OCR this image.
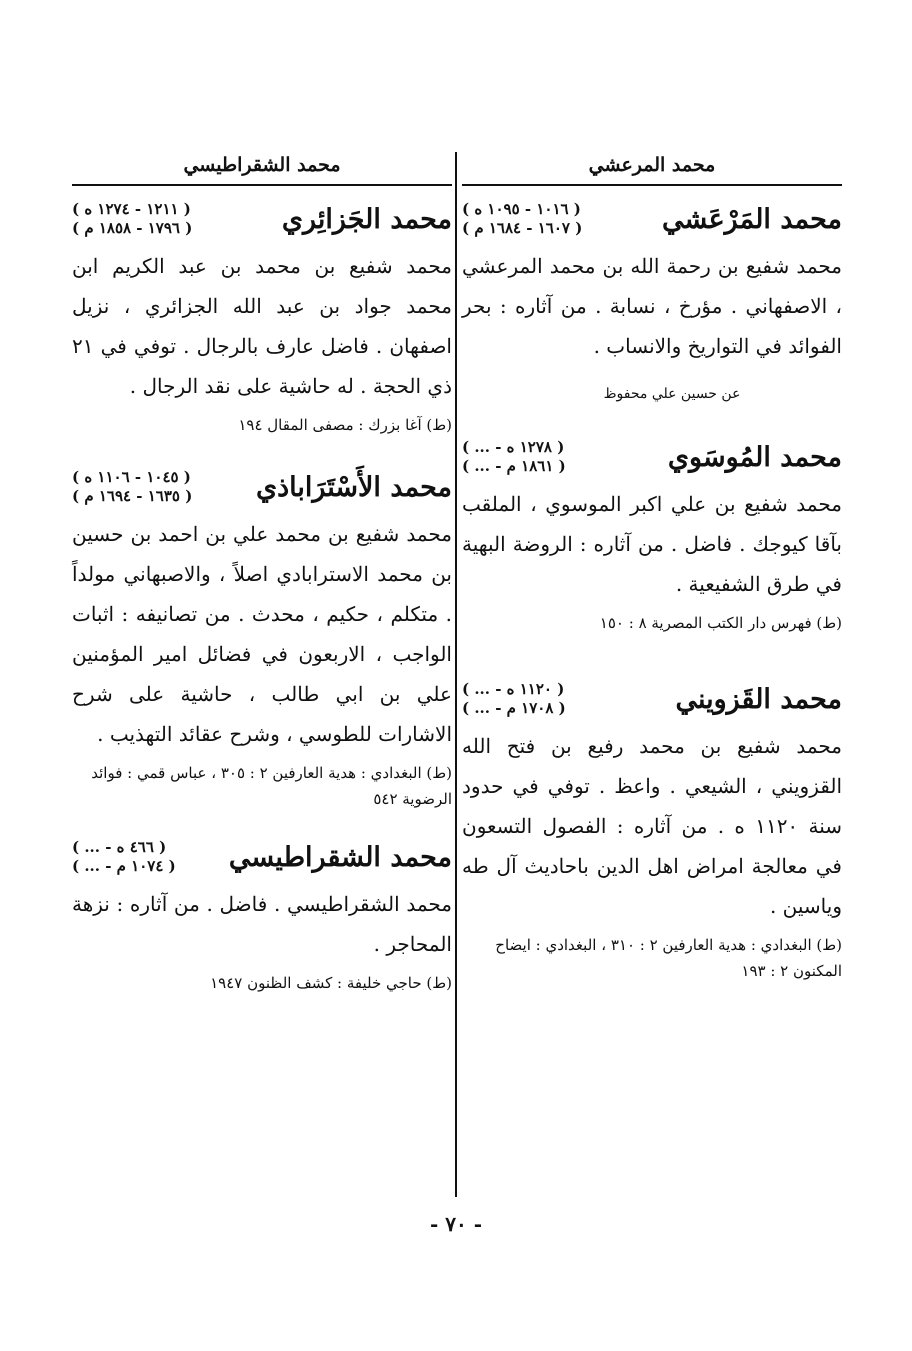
محمد المرعشي
محمد المَرْعَشي
( ١٠١٦ - ١٠٩٥ ه )
( ١٦٠٧ - ١٦٨٤ م )
محمد شفيع بن رحمة الله بن محمد المرعشي ، الاصفهاني . مؤرخ ، نسابة . من آثاره : بحر الفوائد في التواريخ والانساب .
عن حسين علي محفوظ
محمد المُوسَوي
( ... - ١٢٧٨ ه )
( ... - ١٨٦١ م )
محمد شفيع بن علي اكبر الموسوي ، الملقب بآقا كيوجك . فاضل . من آثاره : الروضة البهية في طرق الشفيعية .
(ط) فهرس دار الكتب المصرية ٨ : ١٥٠
محمد القَزويني
( ... - ١١٢٠ ه )
( ... - ١٧٠٨ م )
محمد شفيع بن محمد رفيع بن فتح الله القزويني ، الشيعي . واعظ . توفي في حدود سنة ١١٢٠ ه . من آثاره : الفصول التسعون في معالجة امراض اهل الدين باحاديث آل طه وياسين .
(ط) البغدادي : هدية العارفين ٢ : ٣١٠ ، البغدادي : ايضاح المكنون ٢ : ١٩٣
محمد الشقراطيسي
محمد الجَزائِري
( ١٢١١ - ١٢٧٤ ه )
( ١٧٩٦ - ١٨٥٨ م )
محمد شفيع بن محمد بن عبد الكريم ابن محمد جواد بن عبد الله الجزائري ، نزيل اصفهان . فاضل عارف بالرجال . توفي في ٢١ ذي الحجة . له حاشية على نقد الرجال .
(ط) آغا بزرك : مصفى المقال ١٩٤
محمد الأَسْتَرَاباذي
( ١٠٤٥ - ١١٠٦ ه )
( ١٦٣٥ - ١٦٩٤ م )
محمد شفيع بن محمد علي بن احمد بن حسين بن محمد الاسترابادي اصلاً ، والاصبهاني مولداً . متكلم ، حكيم ، محدث . من تصانيفه : اثبات الواجب ، الاربعون في فضائل امير المؤمنين علي بن ابي طالب ، حاشية على شرح الاشارات للطوسي ، وشرح عقائد التهذيب .
(ط) البغدادي : هدية العارفين ٢ : ٣٠٥ ، عباس قمي : فوائد الرضوية ٥٤٢
محمد الشقراطيسي
( ... - ٤٦٦ ه )
( ... - ١٠٧٤ م )
محمد الشقراطيسي . فاضل . من آثاره : نزهة المحاجر .
(ط) حاجي خليفة : كشف الظنون ١٩٤٧
- ٧٠ -
